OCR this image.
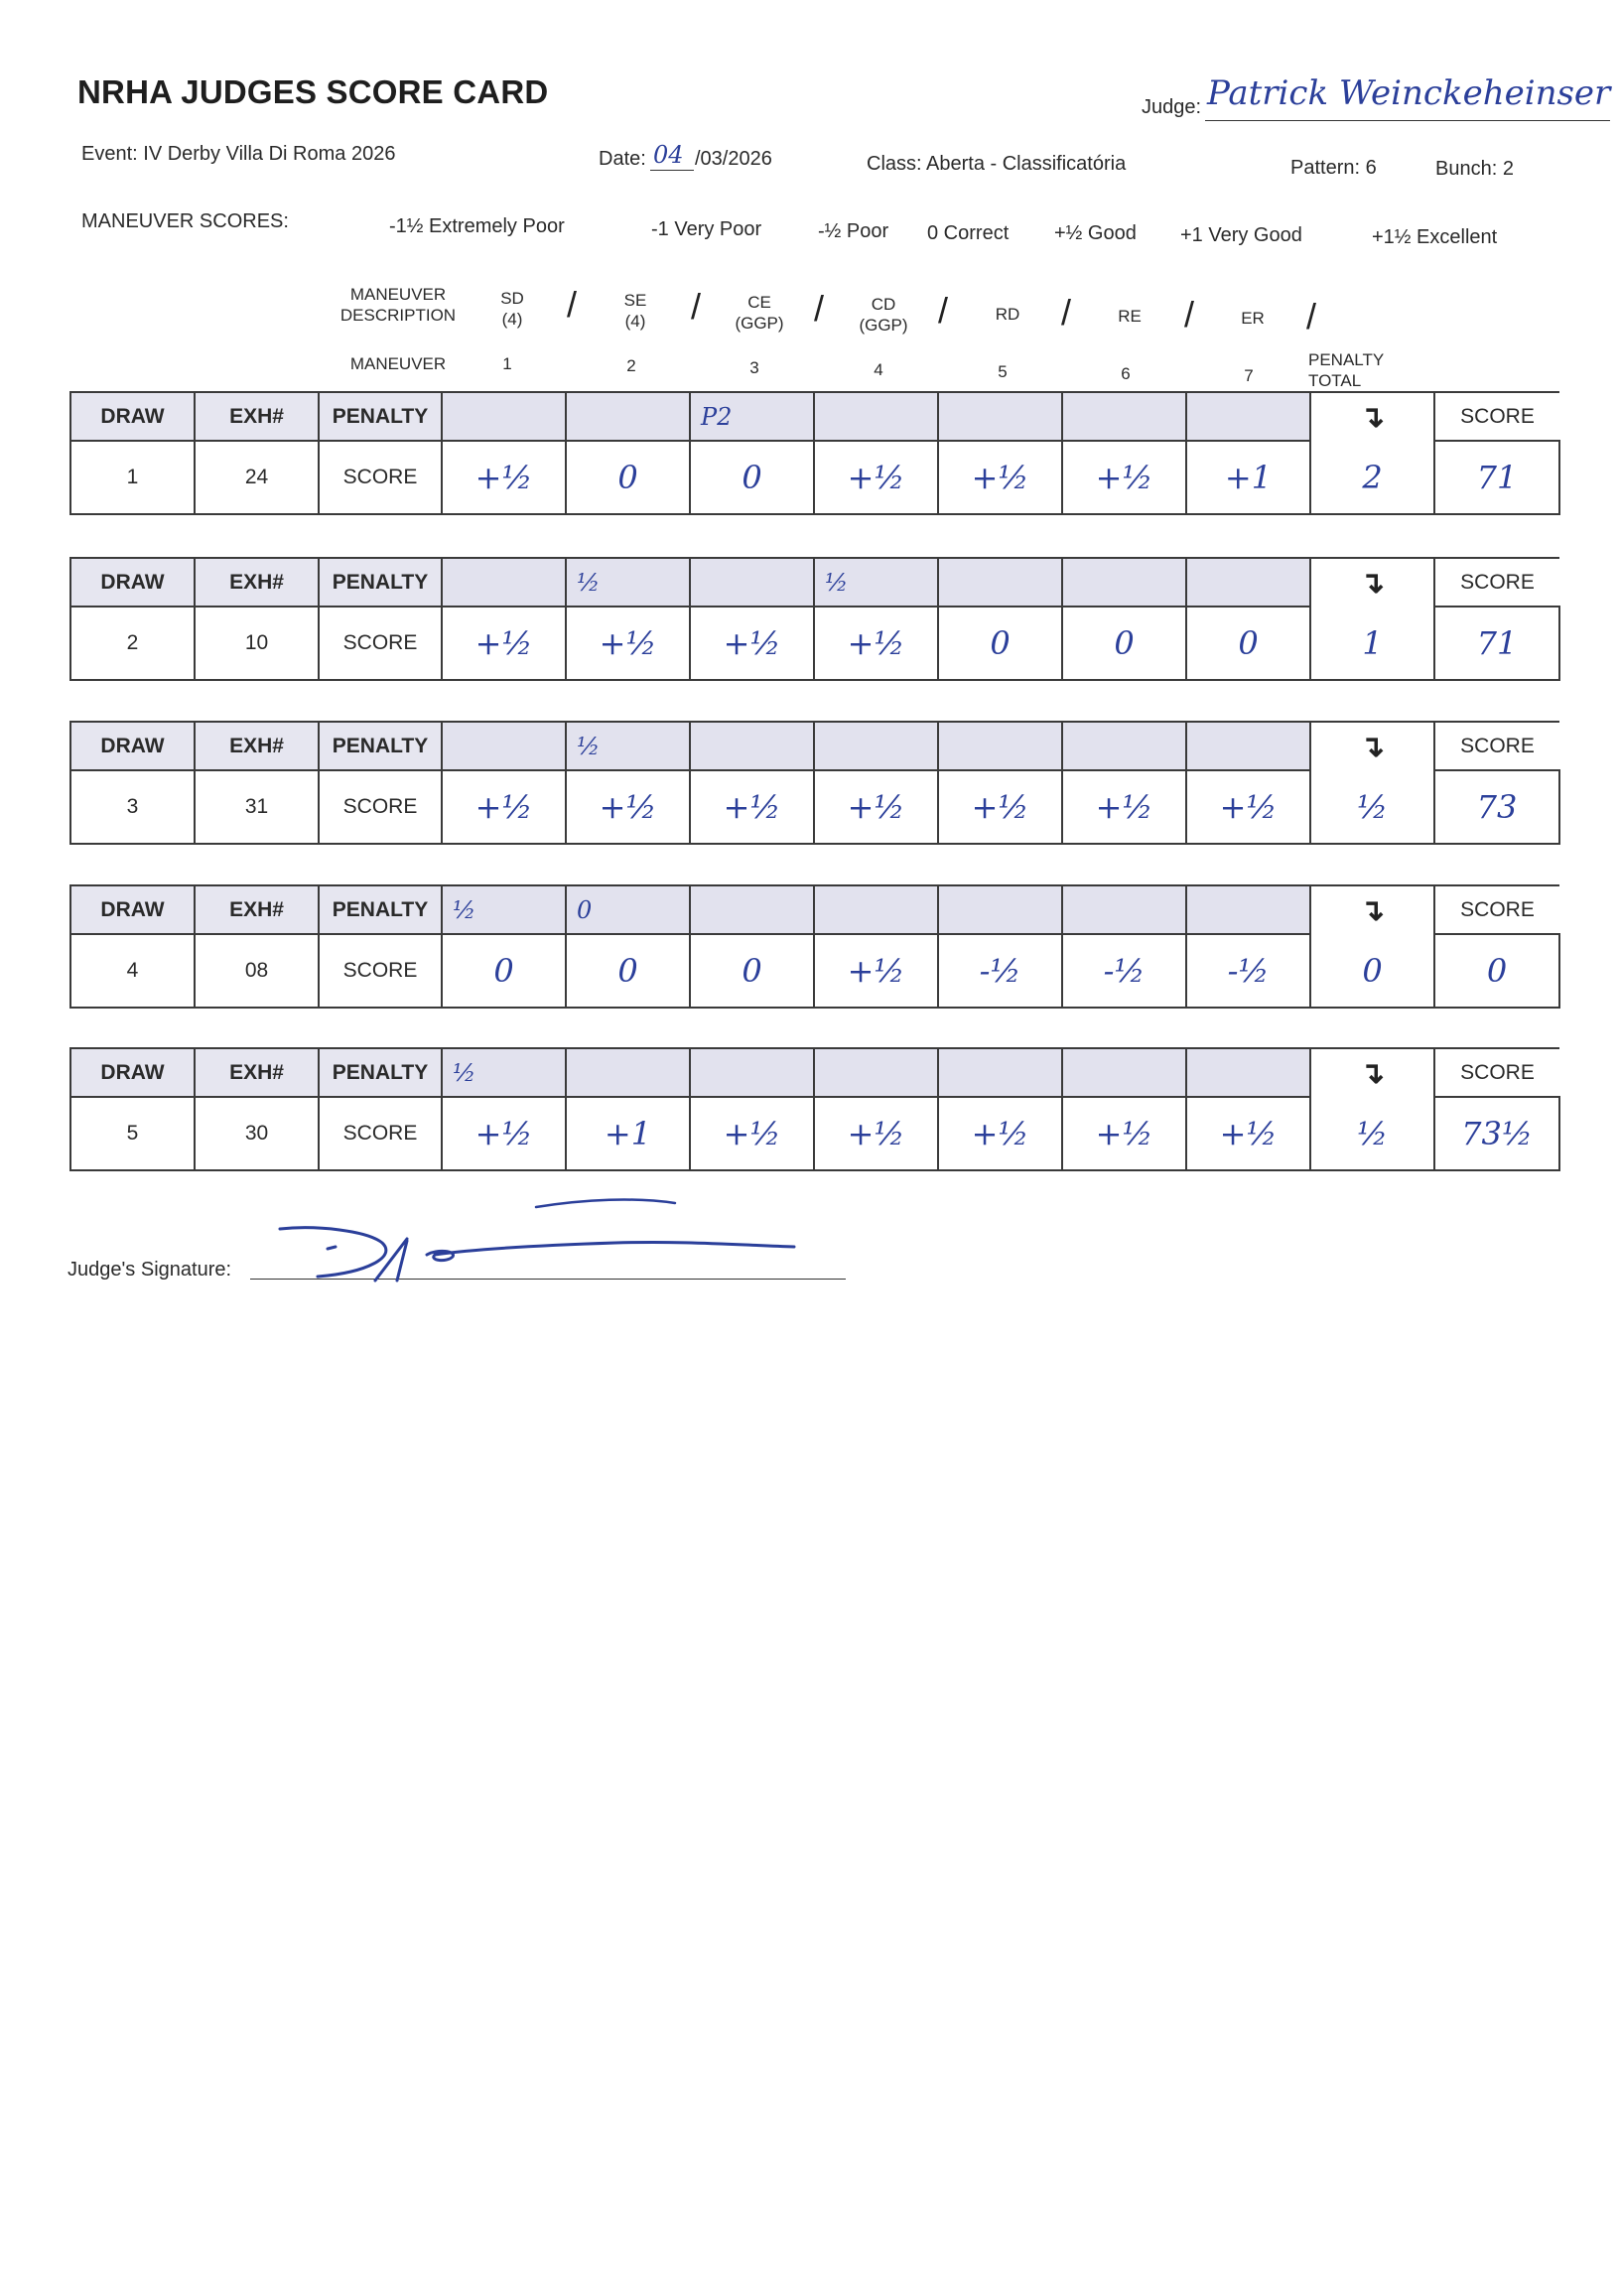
NRHA JUDGES SCORE CARD	Judge: Patrick Weinckeheinser
Event: IV Derby Villa Di Roma 2026	Date: 04 /03/2026	Class: Aberta - Classificatória	Pattern: 6	Bunch: 2
MANEUVER SCORES:	-1½ Extremely Poor	-1 Very Poor	-½ Poor 0 Correct +½ Good +1 Very Good	+1½ Excellent
MANEUVER
DESCRIPTION
SD
(4)	/	SE
(4)	/	CE
(GGP) /	CD
(GGP) /	RD	/	RE	/	ER	/
MANEUVER	1	2	3	4	5	6	7
PENALTY
TOTAL
DRAW	EXH#	PENALTY			P2					↴	SCORE
1	24	SCORE	+½	0	0	+½	+½	+½	+1	2	71
DRAW	EXH#	PENALTY		½		½				↴	SCORE
2	10	SCORE	+½	+½	+½	+½	0	0	0	1	71
DRAW	EXH#	PENALTY		½						↴	SCORE
3	31	SCORE	+½	+½	+½	+½	+½	+½	+½	½	73
DRAW	EXH#	PENALTY	½	0						↴	SCORE
4	08	SCORE	0	0	0	+½	-½	-½	-½	0	0
DRAW	EXH#	PENALTY	½							↴	SCORE
5	30	SCORE	+½	+1	+½	+½	+½	+½	+½	½	73½
Judge's Signature:
